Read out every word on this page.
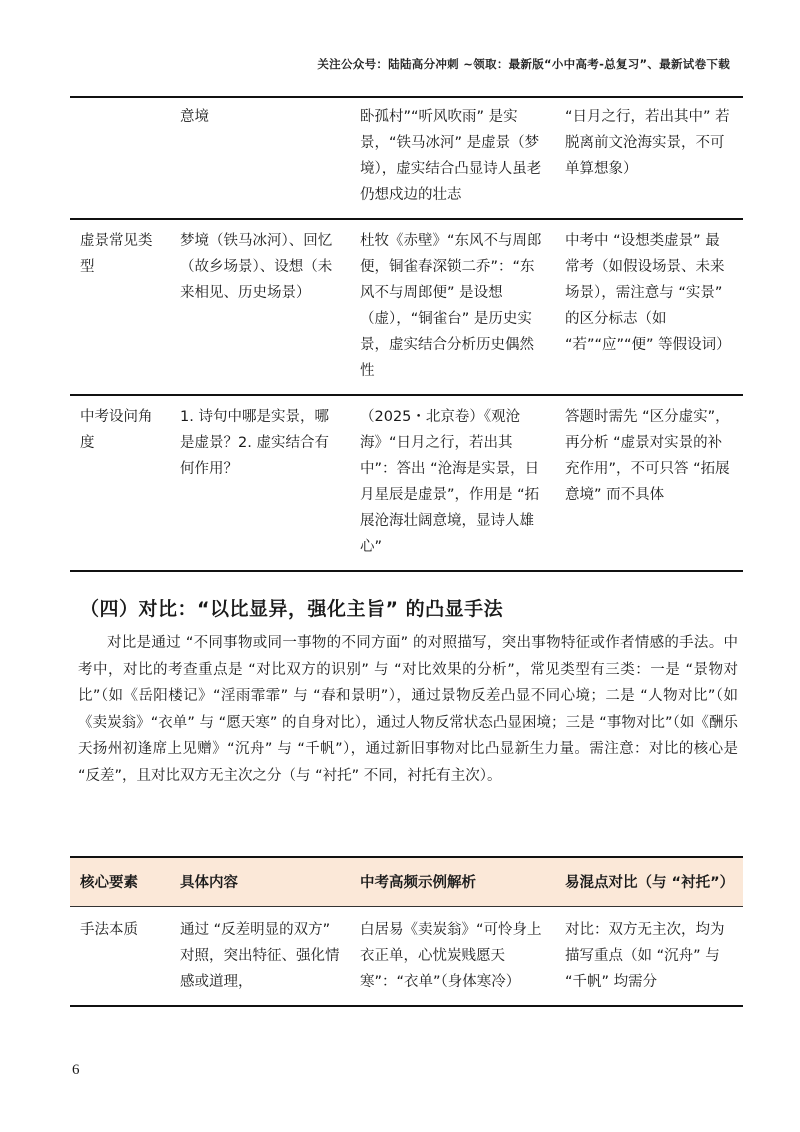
关注公众号：陆陆高分冲刺 ~领取：最新版“小中高考-总复习”、最新试卷下载
	意境	卧孤村”“听风吹雨” 是实景，“铁马冰河” 是虚景（梦境），虚实结合凸显诗人虽老仍想戍边的壮志	“日月之行，若出其中” 若脱离前文沧海实景，不可单算想象）
虚景常见类型	梦境（铁马冰河）、回忆（故乡场景）、设想（未来相见、历史场景）	杜牧《赤壁》“东风不与周郎便，铜雀春深锁二乔”：“东风不与周郎便” 是设想（虚），“铜雀台” 是历史实景，虚实结合分析历史偶然性	中考中 “设想类虚景” 最常考（如假设场景、未来场景），需注意与 “实景” 的区分标志（如 “若”“应”“便” 等假设词）
中考设问角度	1. 诗句中哪是实景，哪是虚景？2. 虚实结合有何作用？	（2025・北京卷）《观沧海》“日月之行，若出其中”：答出 “沧海是实景，日月星辰是虚景”，作用是 “拓展沧海壮阔意境，显诗人雄心”	答题时需先 “区分虚实”，再分析 “虚景对实景的补充作用”，不可只答 “拓展意境” 而不具体
（四）对比：“以比显异，强化主旨” 的凸显手法
对比是通过 “不同事物或同一事物的不同方面” 的对照描写，突出事物特征或作者情感的手法。中考中，对比的考查重点是 “对比双方的识别” 与 “对比效果的分析”，常见类型有三类：一是 “景物对比”（如《岳阳楼记》“淫雨霏霏” 与 “春和景明”），通过景物反差凸显不同心境；二是 “人物对比”（如《卖炭翁》“衣单” 与 “愿天寒” 的自身对比），通过人物反常状态凸显困境；三是 “事物对比”（如《酬乐天扬州初逢席上见赠》“沉舟” 与 “千帆”），通过新旧事物对比凸显新生力量。需注意：对比的核心是 “反差”，且对比双方无主次之分（与 “衬托” 不同，衬托有主次）。
核心要素	具体内容	中考高频示例解析	易混点对比（与 “衬托”）
手法本质	通过 “反差明显的双方” 对照，突出特征、强化情感或道理，	白居易《卖炭翁》“可怜身上衣正单，心忧炭贱愿天寒”：“衣单”（身体寒冷）	对比：双方无主次，均为描写重点（如 “沉舟” 与 “千帆” 均需分
6
